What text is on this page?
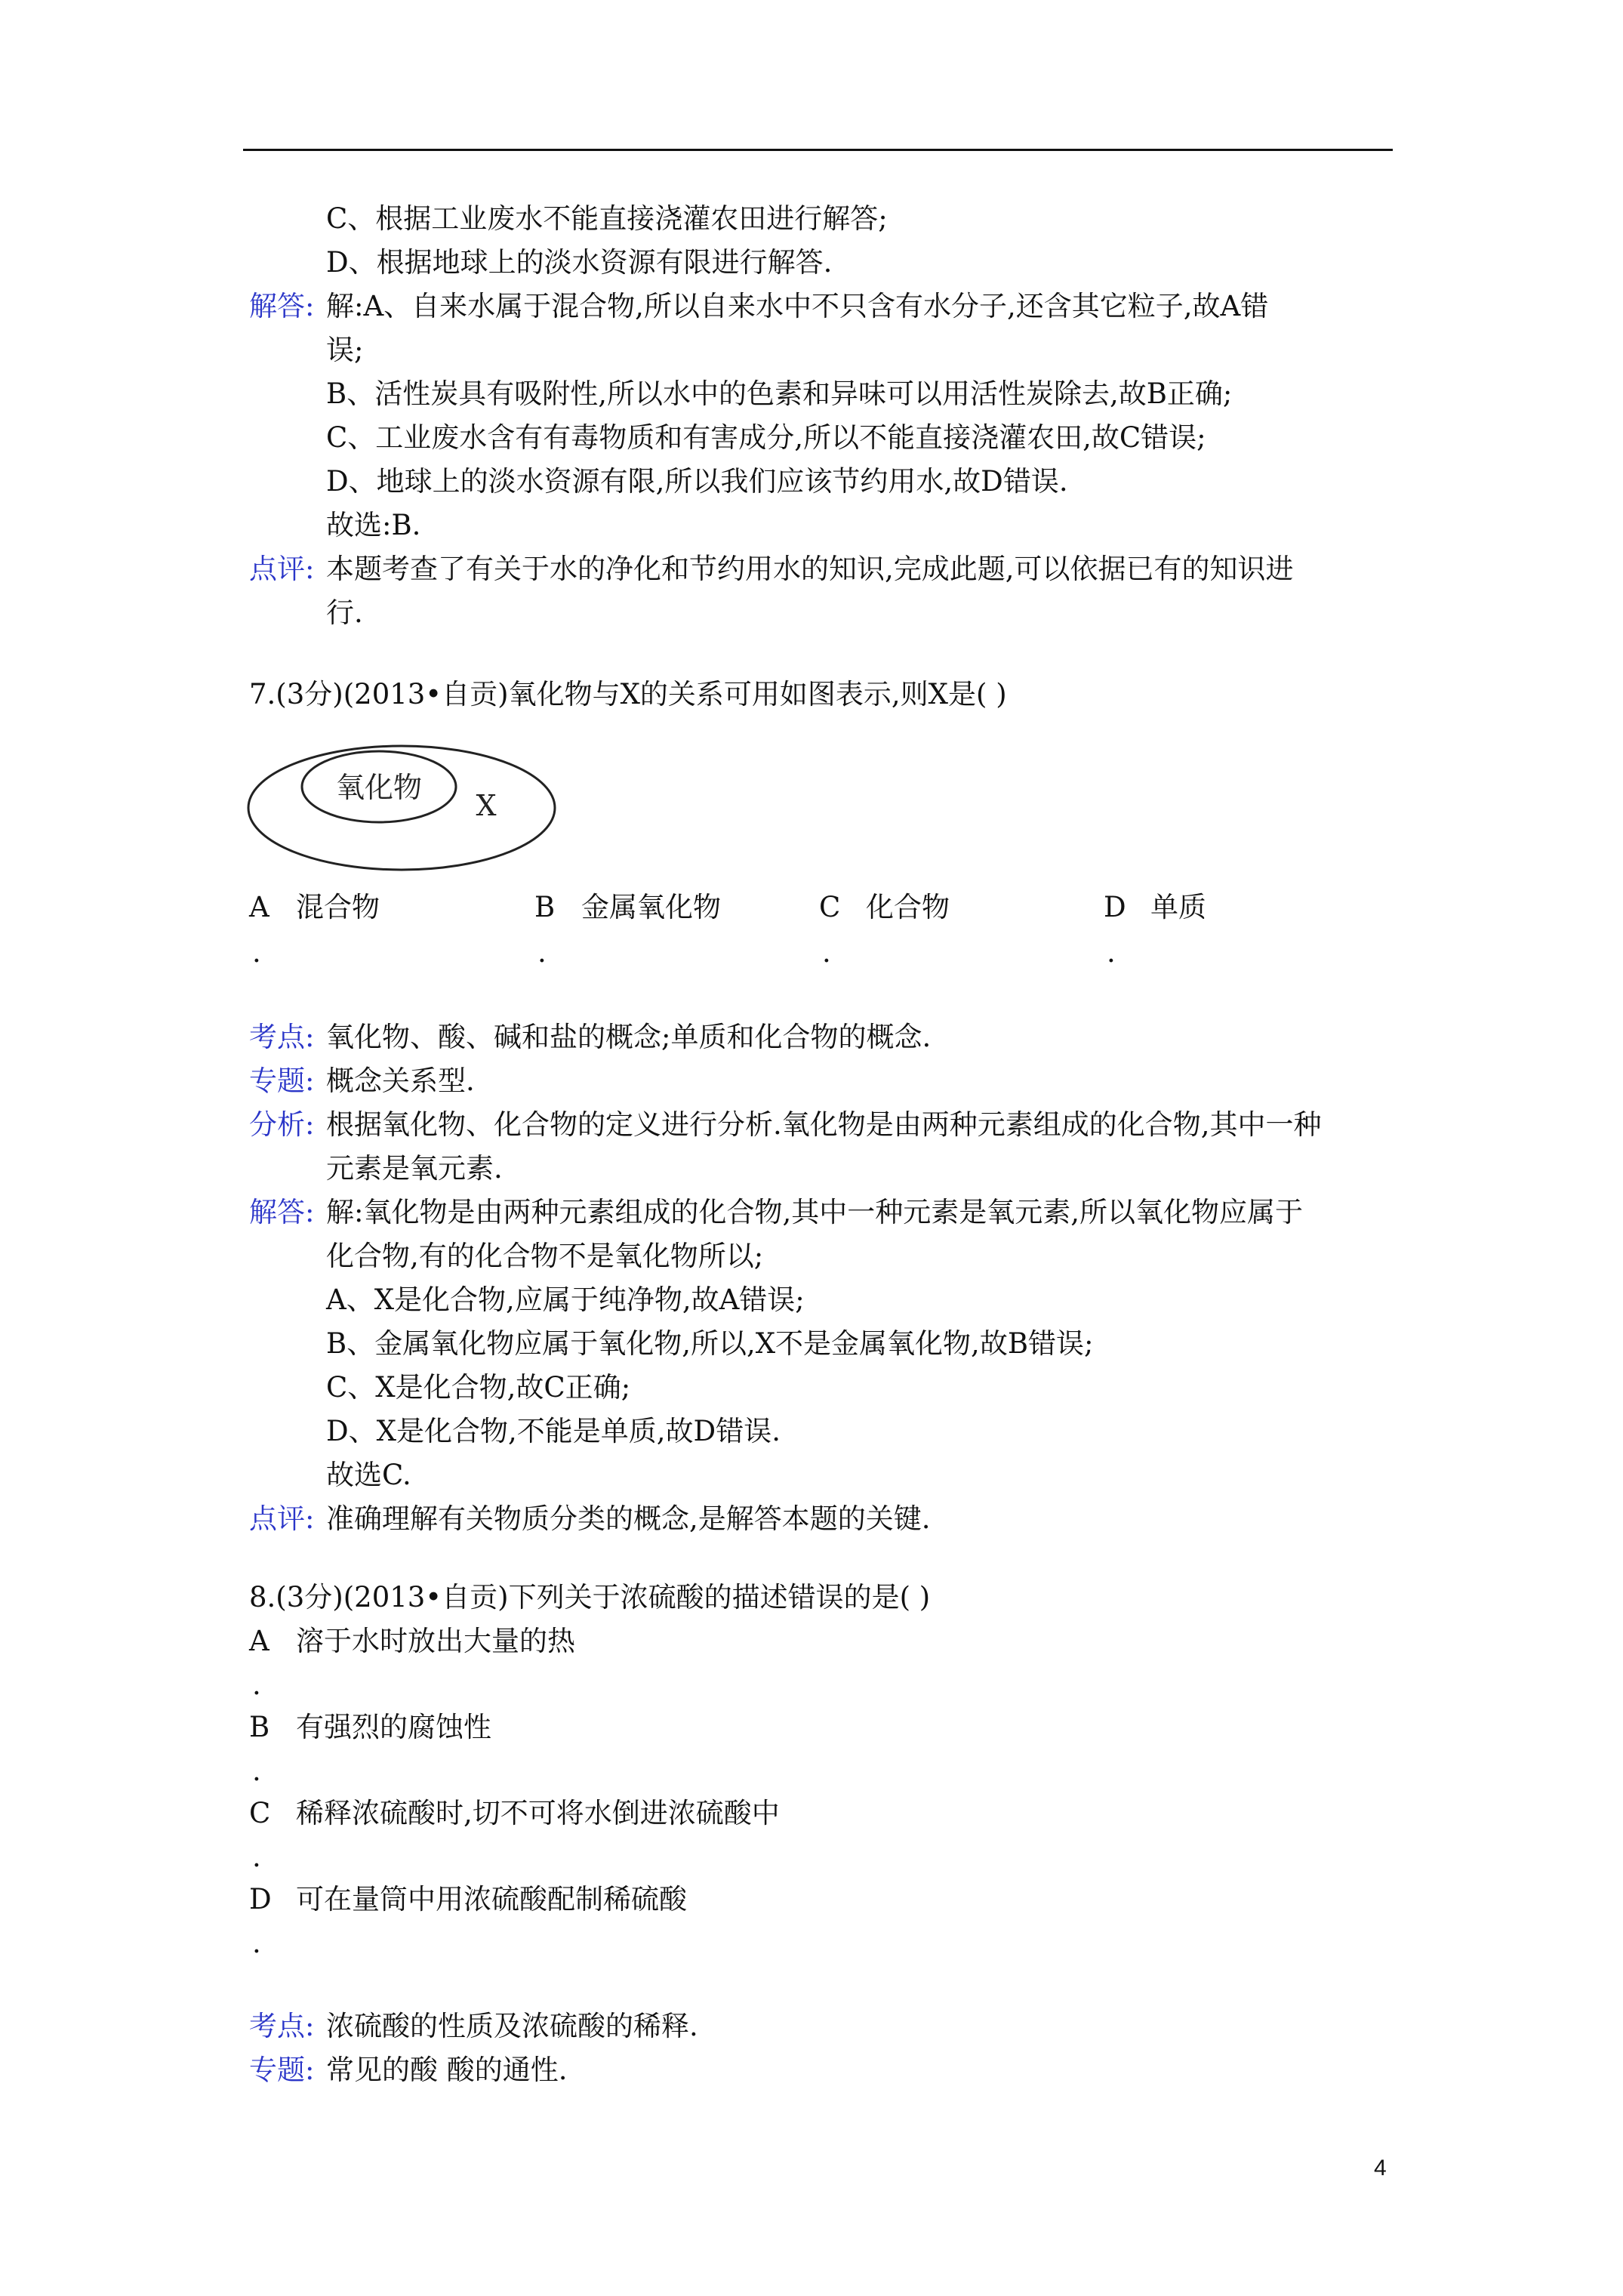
C、根据工业废水不能直接浇灌农田进行解答;
D、根据地球上的淡水资源有限进行解答.
解答: 解:A、自来水属于混合物,所以自来水中不只含有水分子,还含其它粒子,故A错
误;
B、活性炭具有吸附性,所以水中的色素和异味可以用活性炭除去,故B正确;
C、工业废水含有有毒物质和有害成分,所以不能直接浇灌农田,故C错误;
D、地球上的淡水资源有限,所以我们应该节约用水,故D错误.
故选:B.
点评: 本题考查了有关于水的净化和节约用水的知识,完成此题,可以依据已有的知识进
行.
7.(3分)(2013•自贡)氧化物与X的关系可用如图表示,则X是( )
氧化物
X
A 混合物
.
B 金属氧化物
.
C 化合物
.
D 单质
.
考点: 氧化物、酸、碱和盐的概念;单质和化合物的概念.
专题: 概念关系型.
分析: 根据氧化物、化合物的定义进行分析.氧化物是由两种元素组成的化合物,其中一种
元素是氧元素.
解答: 解:氧化物是由两种元素组成的化合物,其中一种元素是氧元素,所以氧化物应属于
化合物,有的化合物不是氧化物所以;
A、X是化合物,应属于纯净物,故A错误;
B、金属氧化物应属于氧化物,所以,X不是金属氧化物,故B错误;
C、X是化合物,故C正确;
D、X是化合物,不能是单质,故D错误.
故选C.
点评: 准确理解有关物质分类的概念,是解答本题的关键.
8.(3分)(2013•自贡)下列关于浓硫酸的描述错误的是( )
A 溶于水时放出大量的热
.
B 有强烈的腐蚀性
.
C 稀释浓硫酸时,切不可将水倒进浓硫酸中
.
D 可在量筒中用浓硫酸配制稀硫酸
.
考点: 浓硫酸的性质及浓硫酸的稀释.
专题: 常见的酸 酸的通性.
4
